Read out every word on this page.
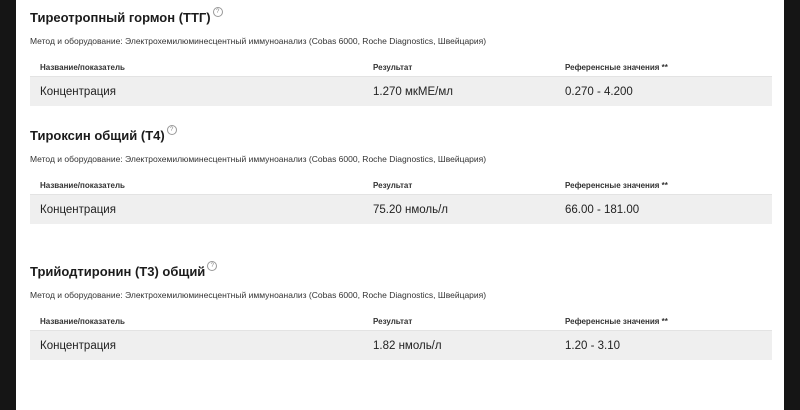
Тиреотропный гормон (ТТГ) ?
Метод и оборудование: Электрохемилюминесцентный иммуноанализ (Cobas 6000, Roche Diagnostics, Швейцария)
Название/показатель	Результат	Референсные значения **
Концентрация	1.270 мкМЕ/мл	0.270 - 4.200
Тироксин общий (Т4) ?
Метод и оборудование: Электрохемилюминесцентный иммуноанализ (Cobas 6000, Roche Diagnostics, Швейцария)
Название/показатель	Результат	Референсные значения **
Концентрация	75.20 нмоль/л	66.00 - 181.00
Трийодтиронин (Т3) общий ?
Метод и оборудование: Электрохемилюминесцентный иммуноанализ (Cobas 6000, Roche Diagnostics, Швейцария)
Название/показатель	Результат	Референсные значения **
Концентрация	1.82 нмоль/л	1.20 - 3.10
